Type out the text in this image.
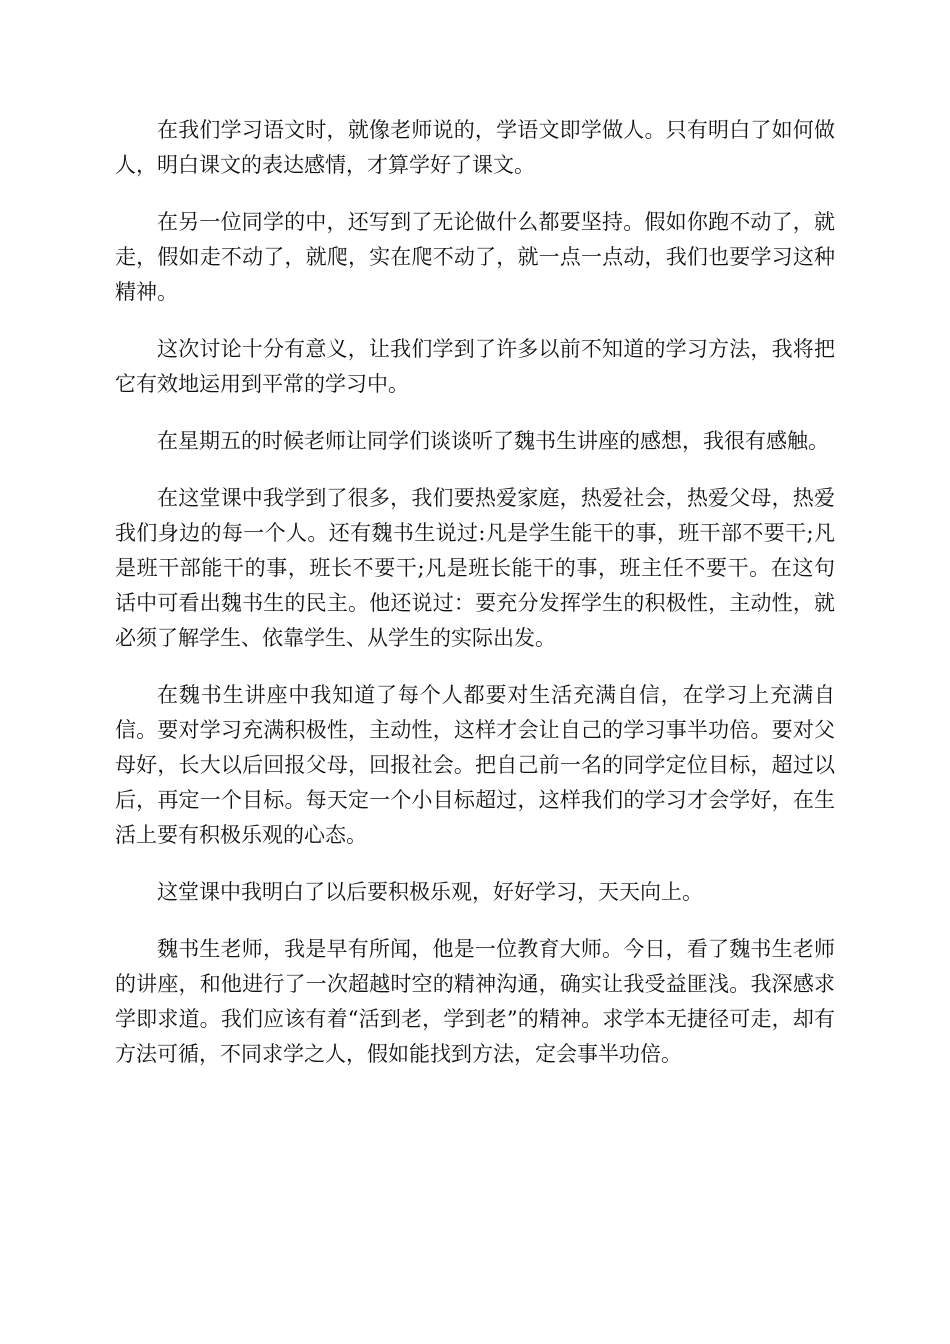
在我们学习语文时，就像老师说的，学语文即学做人。只有明白了如何做人，明白课文的表达感情，才算学好了课文。

在另一位同学的中，还写到了无论做什么都要坚持。假如你跑不动了，就走，假如走不动了，就爬，实在爬不动了，就一点一点动，我们也要学习这种精神。

这次讨论十分有意义，让我们学到了许多以前不知道的学习方法，我将把它有效地运用到平常的学习中。

在星期五的时候老师让同学们谈谈听了魏书生讲座的感想，我很有感触。

在这堂课中我学到了很多，我们要热爱家庭，热爱社会，热爱父母，热爱我们身边的每一个人。还有魏书生说过:凡是学生能干的事，班干部不要干;凡是班干部能干的事，班长不要干;凡是班长能干的事，班主任不要干。在这句话中可看出魏书生的民主。他还说过：要充分发挥学生的积极性，主动性，就必须了解学生、依靠学生、从学生的实际出发。

在魏书生讲座中我知道了每个人都要对生活充满自信，在学习上充满自信。要对学习充满积极性，主动性，这样才会让自己的学习事半功倍。要对父母好，长大以后回报父母，回报社会。把自己前一名的同学定位目标，超过以后，再定一个目标。每天定一个小目标超过，这样我们的学习才会学好，在生活上要有积极乐观的心态。

这堂课中我明白了以后要积极乐观，好好学习，天天向上。

魏书生老师，我是早有所闻，他是一位教育大师。今日，看了魏书生老师的讲座，和他进行了一次超越时空的精神沟通，确实让我受益匪浅。我深感求学即求道。我们应该有着“活到老，学到老”的精神。求学本无捷径可走，却有方法可循，不同求学之人，假如能找到方法，定会事半功倍。
